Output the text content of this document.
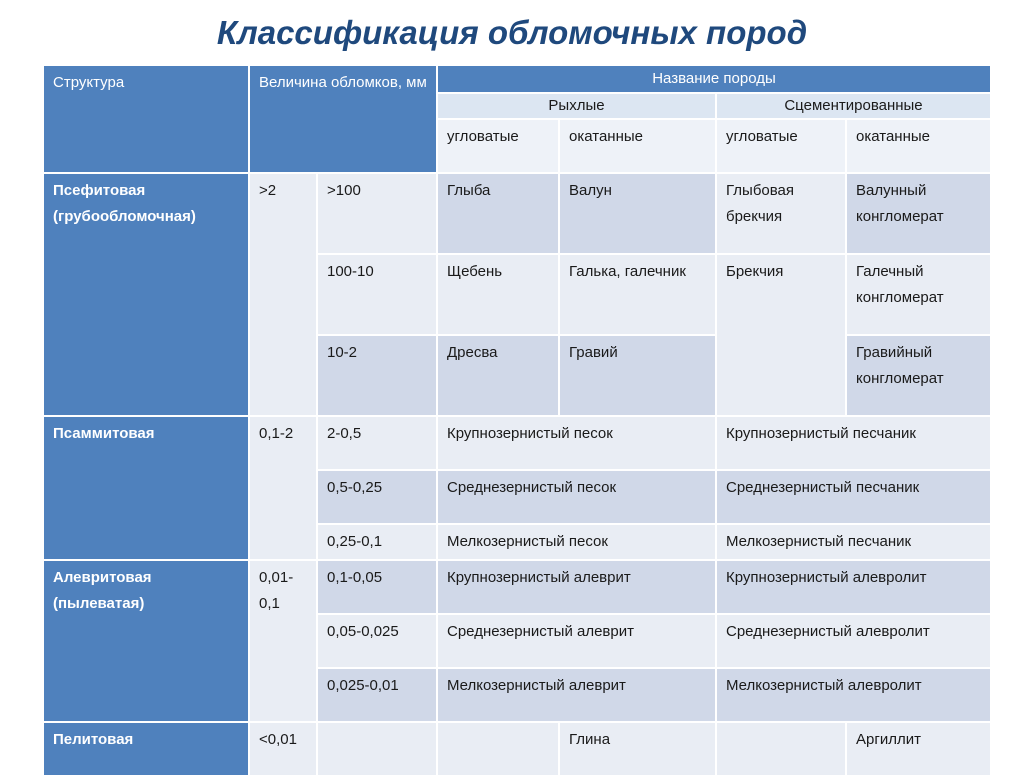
Классификация обломочных пород
Структура	Величина обломков, мм		Название породы			
			Рыхлые		Сцементированные	
			угловатые	окатанные	угловатые	окатанные
Псефитовая (грубообломочная)	>2	>100	Глыба	Валун	Глыбовая брекчия	Валунный конгломерат
		100-10	Щебень	Галька, галечник	Брекчия	Галечный конгломерат
		10-2	Дресва	Гравий		Гравийный конгломерат
Псаммитовая	0,1-2	2-0,5	Крупнозернистый песок		Крупнозернистый песчаник	
		0,5-0,25	Среднезернистый песок		Среднезернистый песчаник	
		0,25-0,1	Мелкозернистый песок		Мелкозернистый песчаник	
Алевритовая (пылеватая)	0,01-0,1	0,1-0,05	Крупнозернистый алеврит		Крупнозернистый алевролит	
		0,05-0,025	Среднезернистый алеврит		Среднезернистый алевролит	
		0,025-0,01	Мелкозернистый алеврит		Мелкозернистый алевролит	
Пелитовая	<0,01			Глина		Аргиллит
